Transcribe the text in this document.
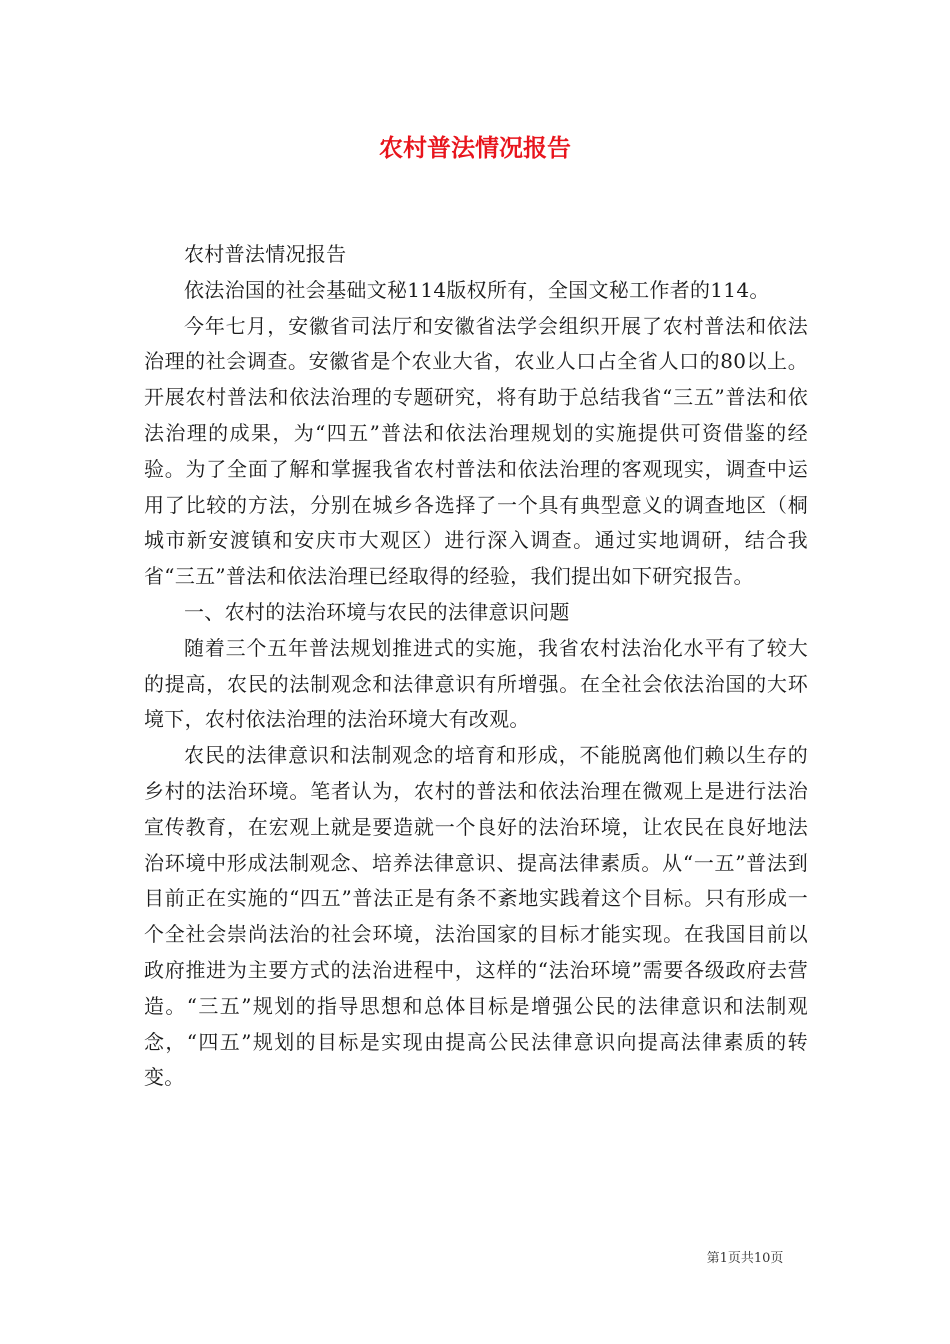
农村普法情况报告

农村普法情况报告

依法治国的社会基础文秘114版权所有，全国文秘工作者的114。

今年七月，安徽省司法厅和安徽省法学会组织开展了农村普法和依法治理的社会调查。安徽省是个农业大省，农业人口占全省人口的80以上。开展农村普法和依法治理的专题研究，将有助于总结我省“三五”普法和依法治理的成果，为“四五”普法和依法治理规划的实施提供可资借鉴的经验。为了全面了解和掌握我省农村普法和依法治理的客观现实，调查中运用了比较的方法，分别在城乡各选择了一个具有典型意义的调查地区（桐城市新安渡镇和安庆市大观区）进行深入调查。通过实地调研，结合我省“三五”普法和依法治理已经取得的经验，我们提出如下研究报告。

一、农村的法治环境与农民的法律意识问题

随着三个五年普法规划推进式的实施，我省农村法治化水平有了较大的提高，农民的法制观念和法律意识有所增强。在全社会依法治国的大环境下，农村依法治理的法治环境大有改观。

农民的法律意识和法制观念的培育和形成，不能脱离他们赖以生存的乡村的法治环境。笔者认为，农村的普法和依法治理在微观上是进行法治宣传教育，在宏观上就是要造就一个良好的法治环境，让农民在良好地法治环境中形成法制观念、培养法律意识、提高法律素质。从“一五”普法到目前正在实施的“四五”普法正是有条不紊地实践着这个目标。只有形成一个全社会崇尚法治的社会环境，法治国家的目标才能实现。在我国目前以政府推进为主要方式的法治进程中，这样的“法治环境”需要各级政府去营造。“三五”规划的指导思想和总体目标是增强公民的法律意识和法制观念，“四五”规划的目标是实现由提高公民法律意识向提高法律素质的转变。

第1页共10页
